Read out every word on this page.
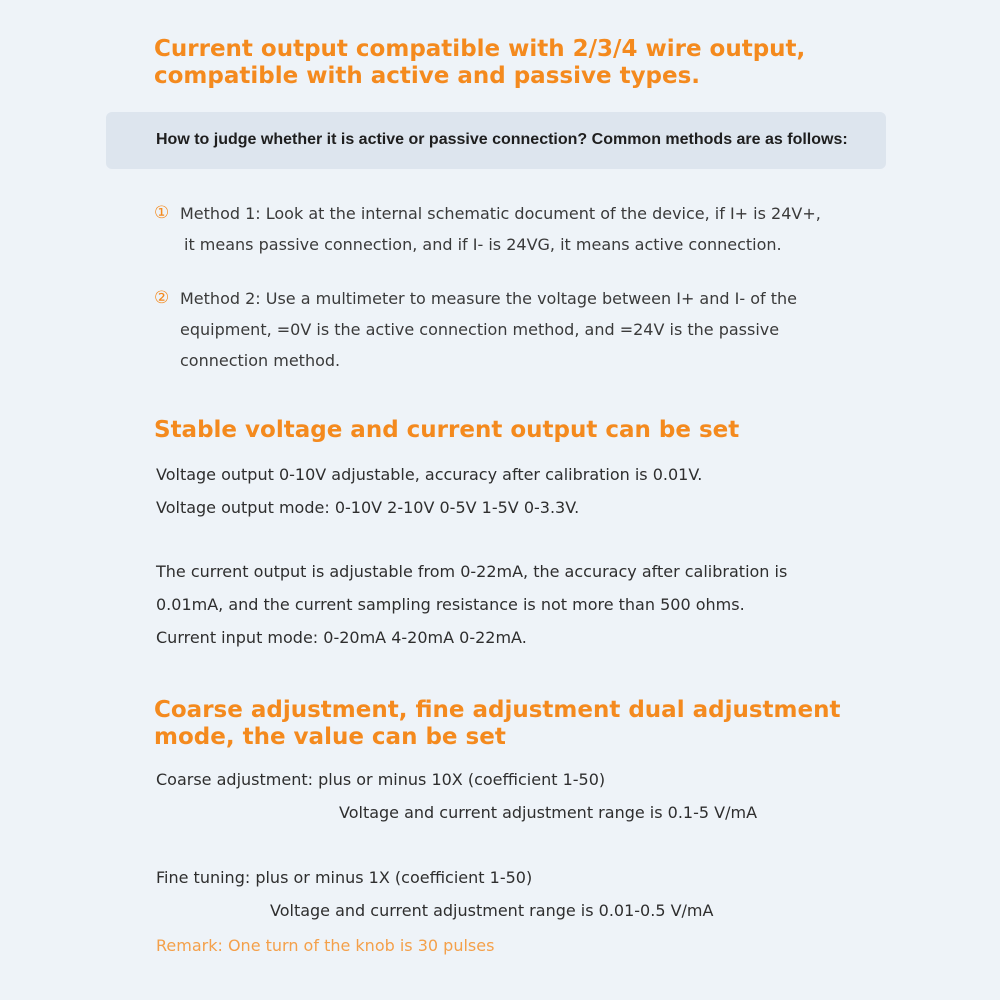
Current output compatible with 2/3/4 wire output,
compatible with active and passive types.
How to judge whether it is active or passive connection? Common methods are as follows:
① Method 1: Look at the internal schematic document of the device, if I+ is 24V+,
it means passive connection, and if I- is 24VG, it means active connection.
② Method 2: Use a multimeter to measure the voltage between I+ and I- of the
equipment, =0V is the active connection method, and =24V is the passive
connection method.
Stable voltage and current output can be set

Voltage output 0-10V adjustable, accuracy after calibration is 0.01V.
Voltage output mode: 0-10V 2-10V 0-5V 1-5V 0-3.3V.

The current output is adjustable from 0-22mA, the accuracy after calibration is
0.01mA, and the current sampling resistance is not more than 500 ohms.
Current input mode: 0-20mA 4-20mA 0-22mA.

Coarse adjustment, fine adjustment dual adjustment
mode, the value can be set

Coarse adjustment: plus or minus 10X (coefficient 1-50)
Voltage and current adjustment range is 0.1-5 V/mA

Fine tuning: plus or minus 1X (coefficient 1-50)
Voltage and current adjustment range is 0.01-0.5 V/mA

Remark: One turn of the knob is 30 pulses
